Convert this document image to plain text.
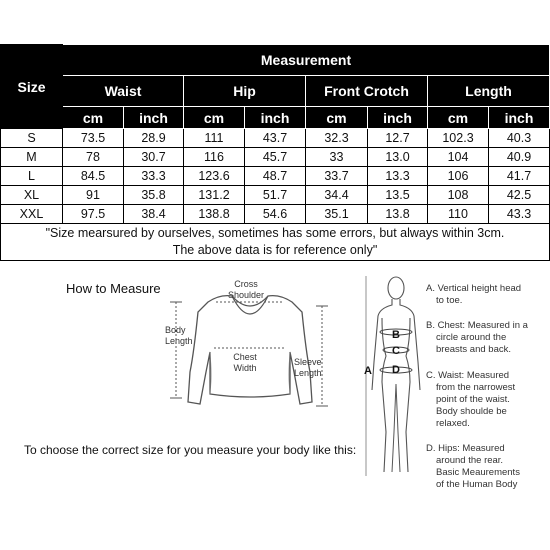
Size	Measurement							
	Waist		Hip		Front Crotch		Length	
	cm	inch	cm	inch	cm	inch	cm	inch
S	73.5	28.9	111	43.7	32.3	12.7	102.3	40.3
M	78	30.7	116	45.7	33	13.0	104	40.9
L	84.5	33.3	123.6	48.7	33.7	13.3	106	41.7
XL	91	35.8	131.2	51.7	34.4	13.5	108	42.5
XXL	97.5	38.4	138.8	54.6	35.1	13.8	110	43.3

"Size mearsured by ourselves, sometimes has some errors, but always within 3cm.
The above data is for reference only"								
How to Measure	Cross
Shoulder
Body
Length
Chest
Width
Sleeve
Length
To choose the correct size for you measure your body like this:
A
B
C
D
A. Vertical height head
to toe.
B. Chest: Measured in a
circle around the
breasts and back.
C. Waist: Measured
from the narrowest
point of the waist.
Body shoulde be
relaxed.
D. Hips: Measured
around the rear.
Basic Meaurements
of the Human Body
